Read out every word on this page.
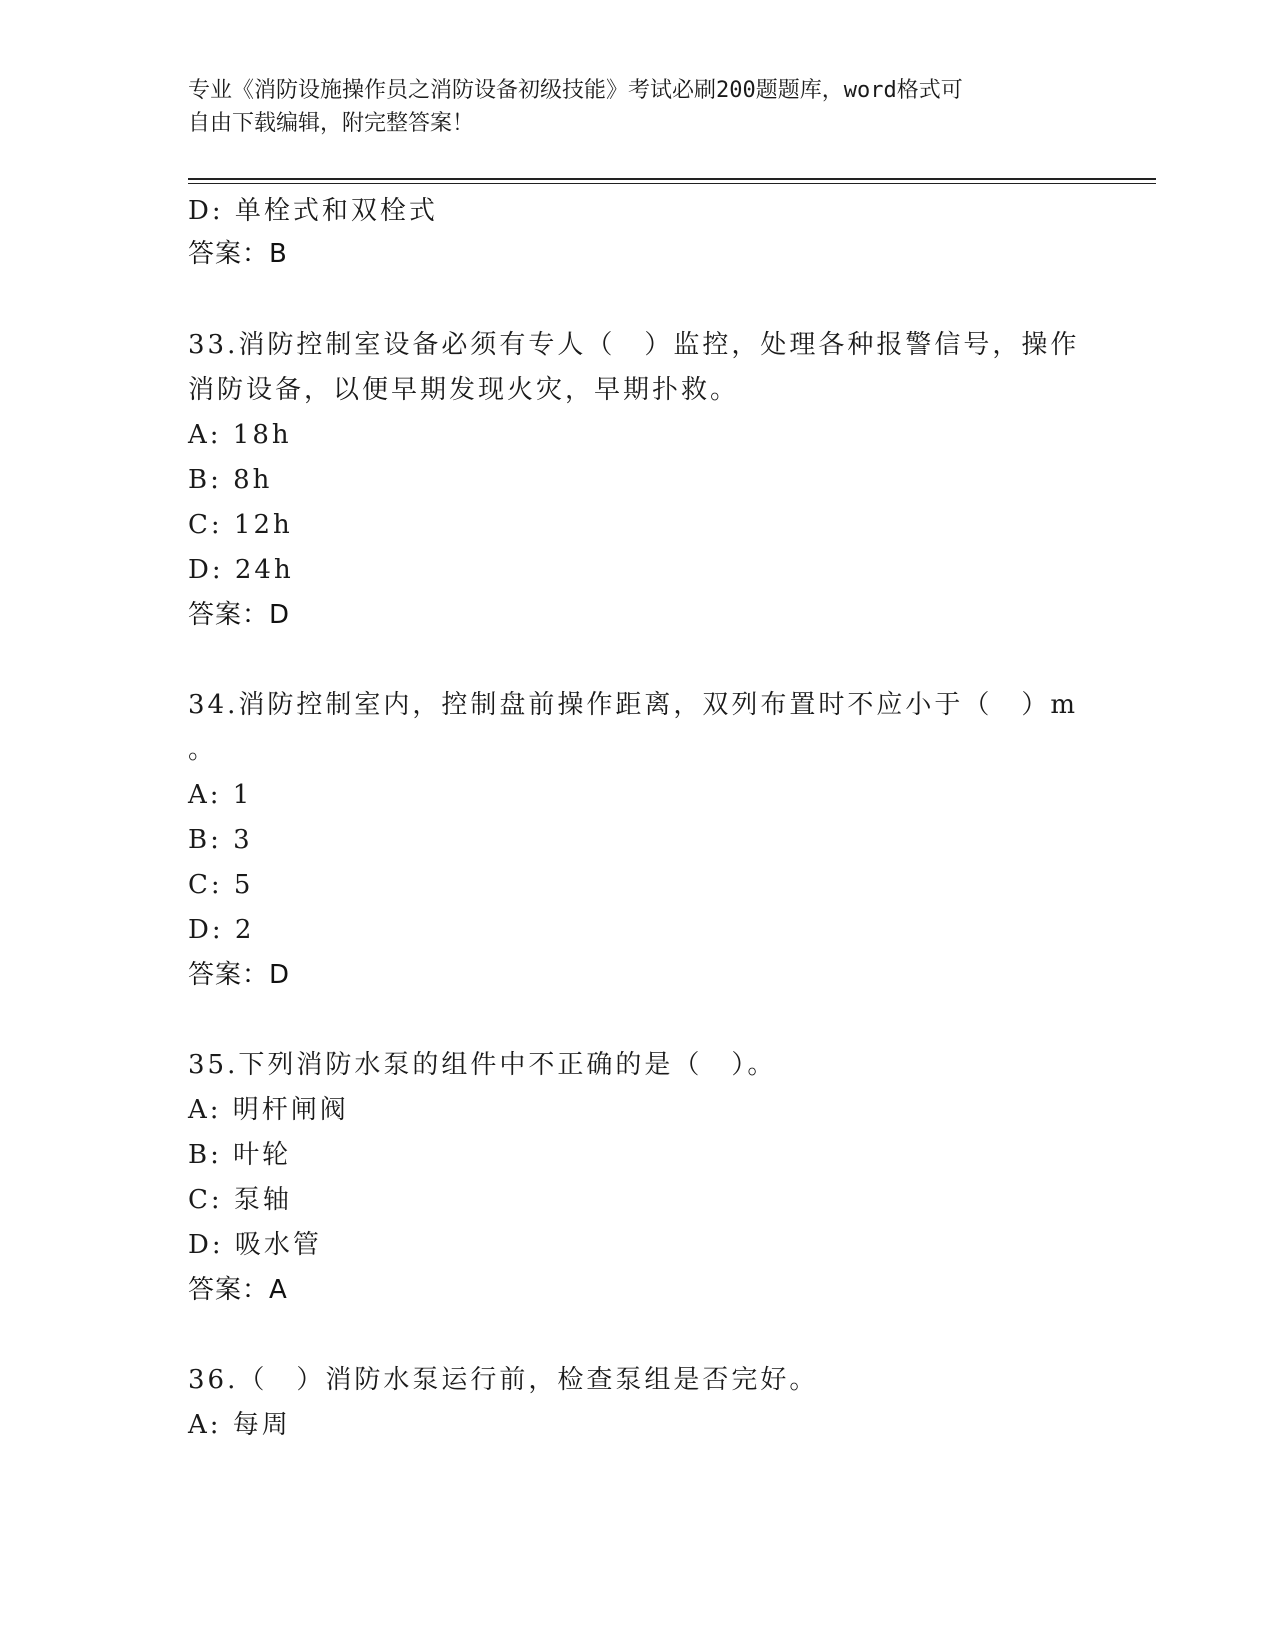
专业《消防设施操作员之消防设备初级技能》考试必刷200题题库，word格式可
自由下载编辑，附完整答案！
D: 单栓式和双栓式
答案：B
33.消防控制室设备必须有专人（　）监控，处理各种报警信号，操作
消防设备，以便早期发现火灾，早期扑救。
A: 18h
B: 8h
C: 12h
D: 24h
答案：D
34.消防控制室内，控制盘前操作距离，双列布置时不应小于（　）m
。
A: 1
B: 3
C: 5
D: 2
答案：D
35.下列消防水泵的组件中不正确的是（　）。
A: 明杆闸阀
B: 叶轮
C: 泵轴
D: 吸水管
答案：A
36.（　）消防水泵运行前，检查泵组是否完好。
A: 每周
